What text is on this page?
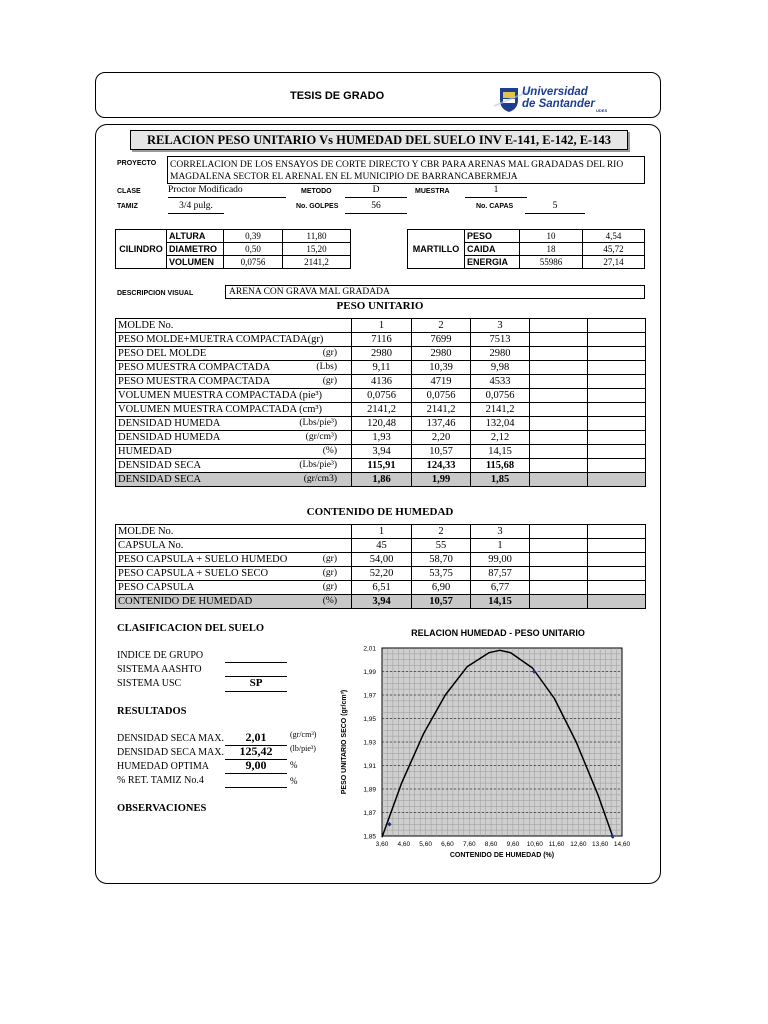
TESIS DE GRADO	Universidad
de Santander
UDES
RELACION PESO UNITARIO Vs HUMEDAD DEL SUELO INV E-141, E-142, E-143
PROYECTO CORRELACION DE LOS ENSAYOS DE CORTE DIRECTO Y CBR PARA ARENAS MAL GRADADAS DEL RIO
MAGDALENA SECTOR EL ARENAL EN EL MUNICIPIO DE BARRANCABERMEJA
CLASE	Proctor Modificado	METODO	D	MUESTRA	1
TAMIZ	3/4 pulg.	No. GOLPES	56	No. CAPAS	5
CILINDRO	ALTURA	0,39	11,80
	DIAMETRO	0,50	15,20
	VOLUMEN	0,0756	2141,2
MARTILLO	PESO	10	4,54
	CAIDA	18	45,72
	ENERGIA	55986	27,14
DESCRIPCION VISUAL	ARENA CON GRAVA MAL GRADADA
PESO UNITARIO
MOLDE No.	1	2	3		
PESO MOLDE+MUETRA COMPACTADA(gr)	7116	7699	7513		
PESO DEL MOLDE (gr)	2980	2980	2980		
PESO MUESTRA COMPACTADA (Lbs)	9,11	10,39	9,98		
PESO MUESTRA COMPACTADA (gr)	4136	4719	4533		
VOLUMEN MUESTRA COMPACTADA (pie³)	0,0756	0,0756	0,0756		
VOLUMEN MUESTRA COMPACTADA (cm³)	2141,2	2141,2	2141,2		
DENSIDAD HUMEDA (Lbs/pie³)	120,48	137,46	132,04		
DENSIDAD HUMEDA (gr/cm³)	1,93	2,20	2,12		
HUMEDAD (%)	3,94	10,57	14,15		
DENSIDAD SECA (Lbs/pie³)	115,91	124,33	115,68		
DENSIDAD SECA (gr/cm3)	1,86	1,99	1,85		
CONTENIDO DE HUMEDAD
MOLDE No.	1	2	3		
CAPSULA No.	45	55	1		
PESO CAPSULA + SUELO HUMEDO (gr)	54,00	58,70	99,00		
PESO CAPSULA + SUELO SECO (gr)	52,20	53,75	87,57		
PESO CAPSULA (gr)	6,51	6,90	6,77		
CONTENIDO DE HUMEDAD (%)	3,94	10,57	14,15		
CLASIFICACION DEL SUELO
INDICE DE GRUPO
SISTEMA AASHTO
SISTEMA USC	SP
RESULTADOS
DENSIDAD SECA MAX.	2,01	(gr/cm³)
DENSIDAD SECA MAX.	125,42	(lb/pie³)
HUMEDAD OPTIMA	9,00	%
% RET. TAMIZ No.4	%
OBSERVACIONES
RELACION HUMEDAD - PESO UNITARIO
1,85
1,87
1,89
1,91
1,93
1,95
1,97
1,99
2,01
3,60 4,60 5,60 6,60 7,60 8,60 9,60 10,60 11,60 12,60 13,60 14,60
CONTENIDO DE HUMEDAD (%)
PESO UNITARIO SECO (gr/cm³)
